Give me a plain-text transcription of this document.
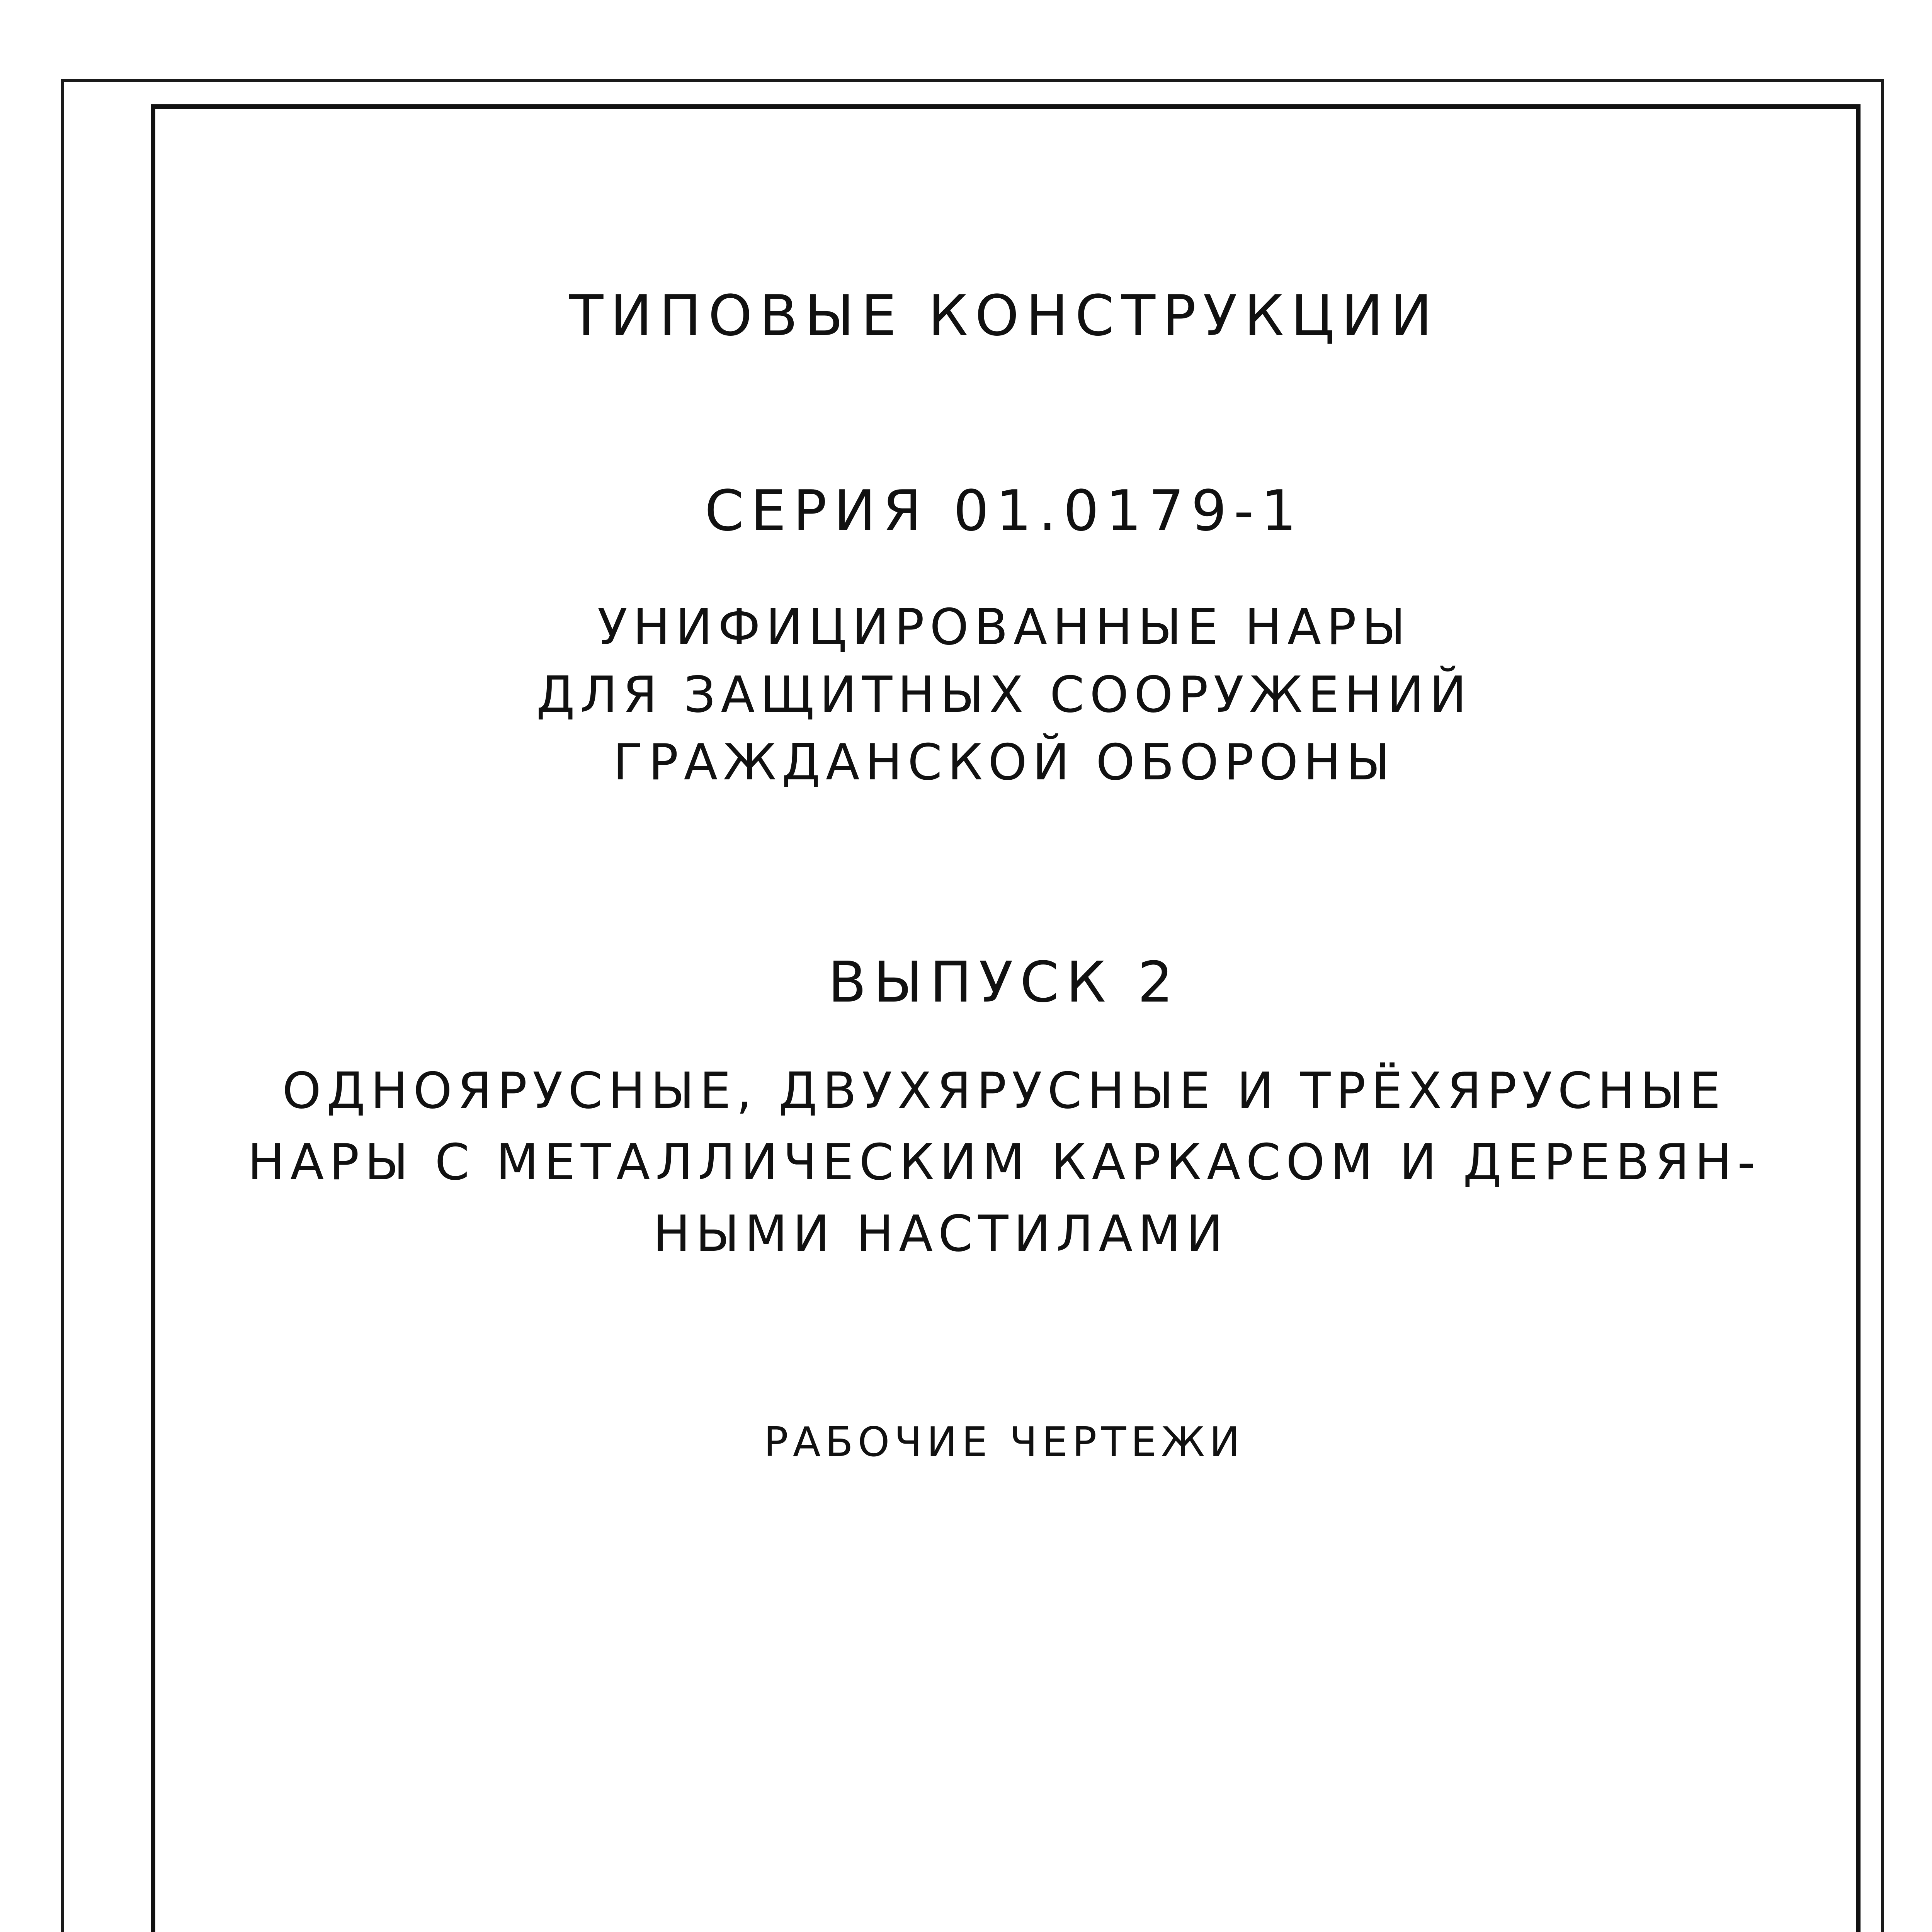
ТИПОВЫЕ КОНСТРУКЦИИ
СЕРИЯ 01.0179-1
УНИФИЦИРОВАННЫЕ НАРЫ
ДЛЯ ЗАЩИТНЫХ СООРУЖЕНИЙ
ГРАЖДАНСКОЙ ОБОРОНЫ
ВЫПУСК 2
ОДНОЯРУСНЫЕ, ДВУХЯРУСНЫЕ И ТРЁХЯРУСНЫЕ
НАРЫ С МЕТАЛЛИЧЕСКИМ КАРКАСОМ И ДЕРЕВЯН-
НЫМИ НАСТИЛАМИ
РАБОЧИЕ ЧЕРТЕЖИ
